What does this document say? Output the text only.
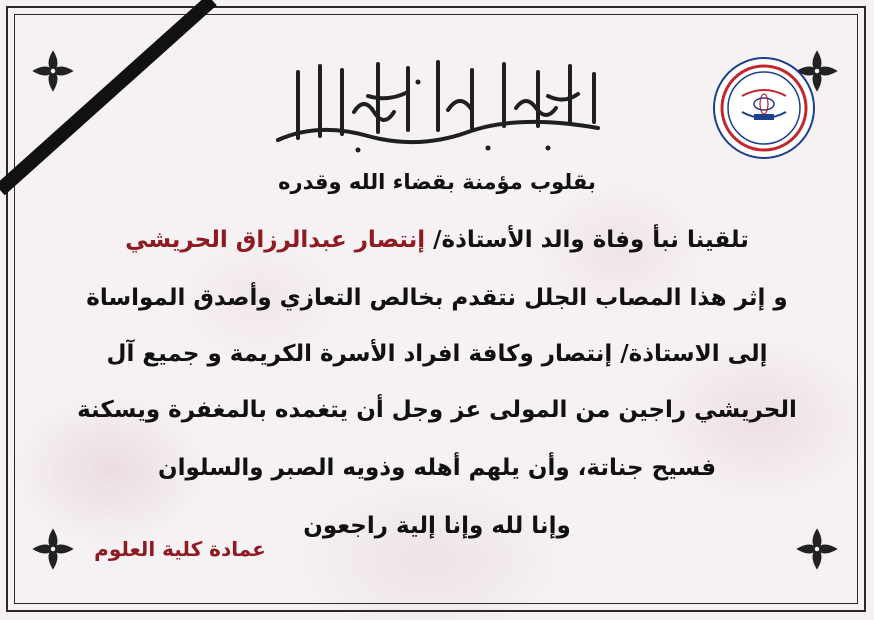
بقلوب مؤمنة بقضاء الله وقدره
تلقينا نبأ وفاة والد الأستاذة/ إنتصار عبدالرزاق الحريشي
و إثر هذا المصاب الجلل نتقدم بخالص التعازي وأصدق المواساة
إلى الاستاذة/ إنتصار وكافة افراد الأسرة الكريمة و جميع آل
الحريشي راجين من المولى عز وجل أن يتغمده بالمغفرة ويسكنة
فسيح جناتة، وأن يلهم أهله وذويه الصبر والسلوان
وإنا لله وإنا إلية راجعون
عمادة كلية العلوم
